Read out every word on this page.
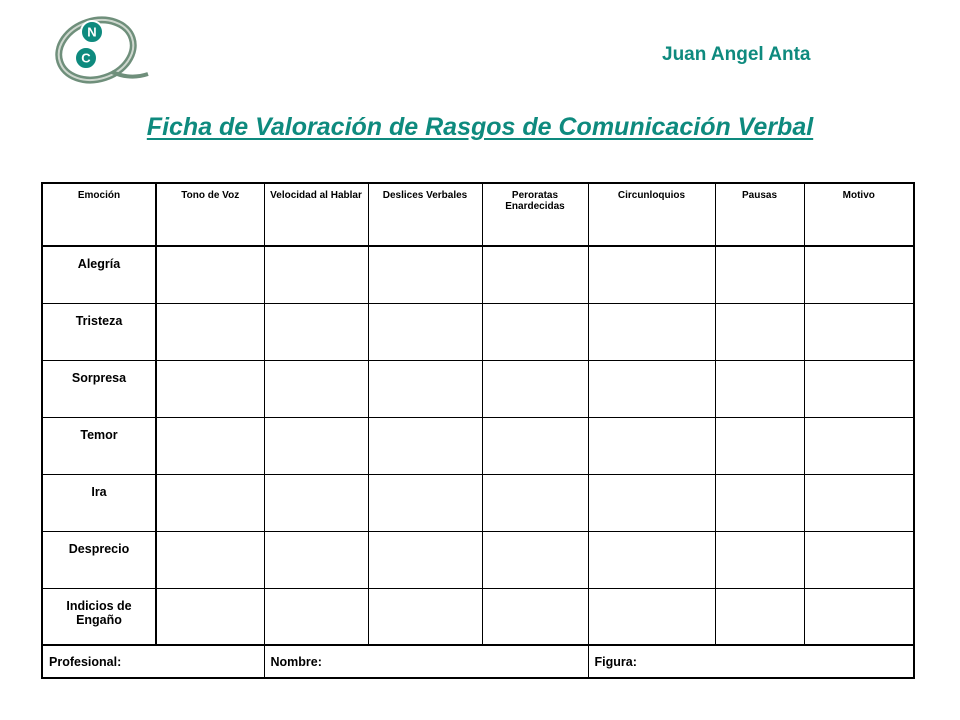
N
C	Juan Angel Anta
Ficha de Valoración de Rasgos de Comunicación Verbal
Emoción	Tono de Voz	Velocidad al Hablar	Deslices Verbales	Peroratas Enardecidas	Circunloquios	Pausas	Motivo
Alegría							
Tristeza							
Sorpresa							
Temor							
Ira							
Desprecio							
Indicios de Engaño							
Profesional:		Nombre:			Figura:		
